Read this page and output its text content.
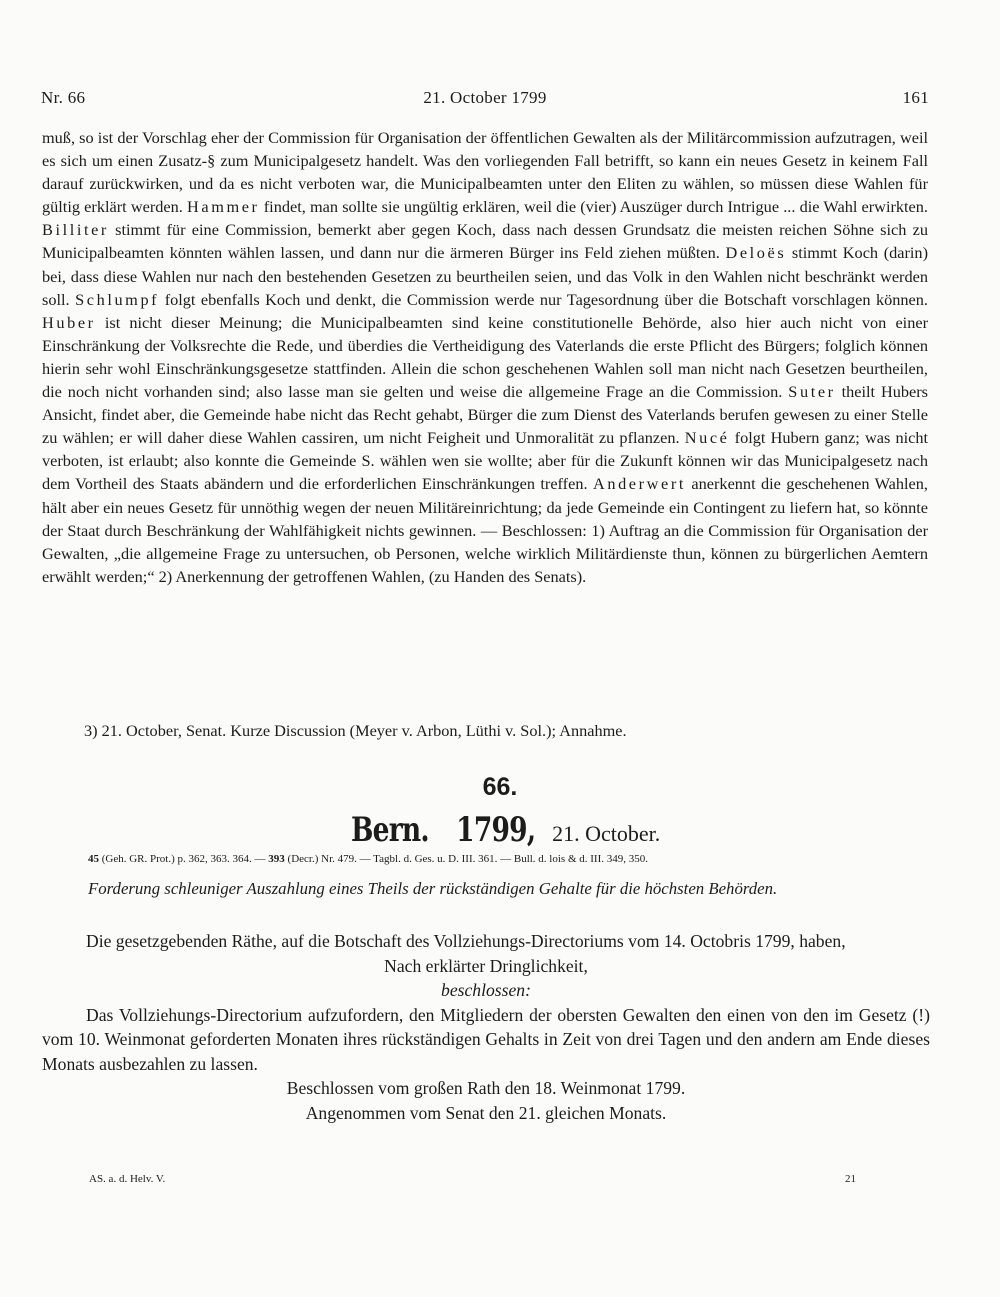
Nr. 66	21. October 1799	161

muß, so ist der Vorschlag eher der Commission für Organisation der öffentlichen Gewalten als der Militärcommission aufzutragen, weil es sich um einen Zusatz-§ zum Municipalgesetz handelt. Was den vorliegenden Fall betrifft, so kann ein neues Gesetz in keinem Fall darauf zurückwirken, und da es nicht verboten war, die Municipalbeamten unter den Eliten zu wählen, so müssen diese Wahlen für gültig erklärt werden. Hammer findet, man sollte sie ungültig erklären, weil die (vier) Auszüger durch Intrigue ... die Wahl erwirkten. Billiter stimmt für eine Commission, bemerkt aber gegen Koch, dass nach dessen Grundsatz die meisten reichen Söhne sich zu Municipalbeamten könnten wählen lassen, und dann nur die ärmeren Bürger ins Feld ziehen müßten. Deloës stimmt Koch (darin) bei, dass diese Wahlen nur nach den bestehenden Gesetzen zu beurtheilen seien, und das Volk in den Wahlen nicht beschränkt werden soll. Schlumpf folgt ebenfalls Koch und denkt, die Commission werde nur Tagesordnung über die Botschaft vorschlagen können. Huber ist nicht dieser Meinung; die Municipalbeamten sind keine constitutionelle Behörde, also hier auch nicht von einer Einschränkung der Volksrechte die Rede, und überdies die Vertheidigung des Vaterlands die erste Pflicht des Bürgers; folglich können hierin sehr wohl Einschränkungsgesetze stattfinden. Allein die schon geschehenen Wahlen soll man nicht nach Gesetzen beurtheilen, die noch nicht vorhanden sind; also lasse man sie gelten und weise die allgemeine Frage an die Commission. Suter theilt Hubers Ansicht, findet aber, die Gemeinde habe nicht das Recht gehabt, Bürger die zum Dienst des Vaterlands berufen gewesen zu einer Stelle zu wählen; er will daher diese Wahlen cassiren, um nicht Feigheit und Unmoralität zu pflanzen. Nucé folgt Hubern ganz; was nicht verboten, ist erlaubt; also konnte die Gemeinde S. wählen wen sie wollte; aber für die Zukunft können wir das Municipalgesetz nach dem Vortheil des Staats abändern und die erforderlichen Einschränkungen treffen. Anderwert anerkennt die geschehenen Wahlen, hält aber ein neues Gesetz für unnöthig wegen der neuen Militäreinrichtung; da jede Gemeinde ein Contingent zu liefern hat, so könnte der Staat durch Beschränkung der Wahlfähigkeit nichts gewinnen. — Beschlossen: 1) Auftrag an die Commission für Organisation der Gewalten, „die allgemeine Frage zu untersuchen, ob Personen, welche wirklich Militärdienste thun, können zu bürgerlichen Aemtern erwählt werden;“ 2) Anerkennung der getroffenen Wahlen, (zu Handen des Senats).

3) 21. October, Senat. Kurze Discussion (Meyer v. Arbon, Lüthi v. Sol.); Annahme.
66.
Bern. 1799, 21. October.
45 (Geh. GR. Prot.) p. 362, 363. 364. — 393 (Decr.) Nr. 479. — Tagbl. d. Ges. u. D. III. 361. — Bull. d. lois & d. III. 349, 350.
Forderung schleuniger Auszahlung eines Theils der rückständigen Gehalte für die höchsten Behörden.

Die gesetzgebenden Räthe, auf die Botschaft des Vollziehungs-Directoriums vom 14. Octobris 1799, haben,

Nach erklärter Dringlichkeit,

beschlossen:

Das Vollziehungs-Directorium aufzufordern, den Mitgliedern der obersten Gewalten den einen von den im Gesetz (!) vom 10. Weinmonat geforderten Monaten ihres rückständigen Gehalts in Zeit von drei Tagen und den andern am Ende dieses Monats ausbezahlen zu lassen.

Beschlossen vom großen Rath den 18. Weinmonat 1799.

Angenommen vom Senat den 21. gleichen Monats.

AS. a. d. Helv. V.	21
